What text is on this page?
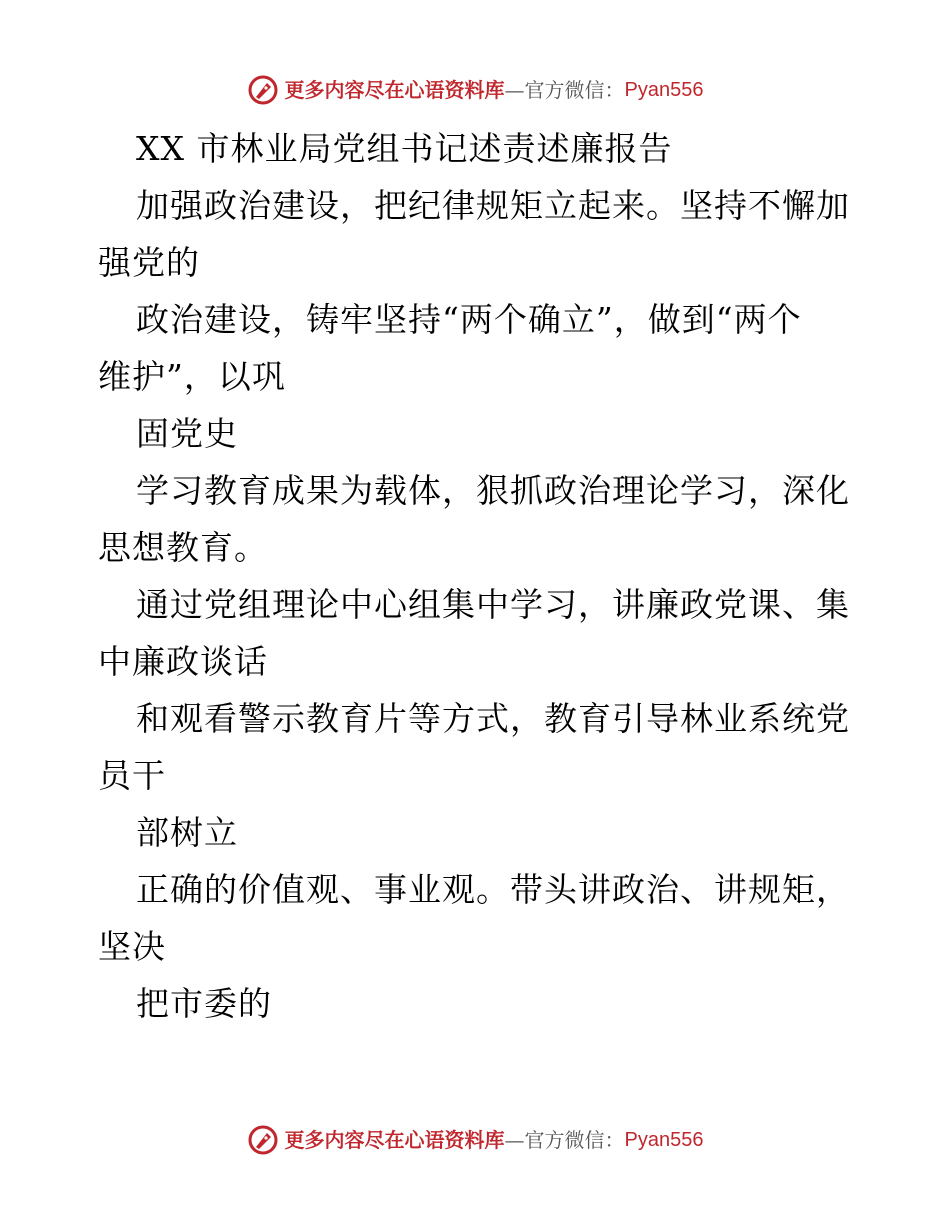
更多内容尽在心语资料库 — 官方微信： Pyan556
XX 市林业局党组书记述责述廉报告
加强政治建设，把纪律规矩立起来。坚持不懈加
强党的
政治建设，铸牢坚持“两个确立”，做到“两个
维护”，以巩
固党史
学习教育成果为载体，狠抓政治理论学习，深化
思想教育。
通过党组理论中心组集中学习，讲廉政党课、集
中廉政谈话
和观看警示教育片等方式，教育引导林业系统党
员干
部树立
正确的价值观、事业观。带头讲政治、讲规矩，
坚决
把市委的
更多内容尽在心语资料库 — 官方微信： Pyan556
